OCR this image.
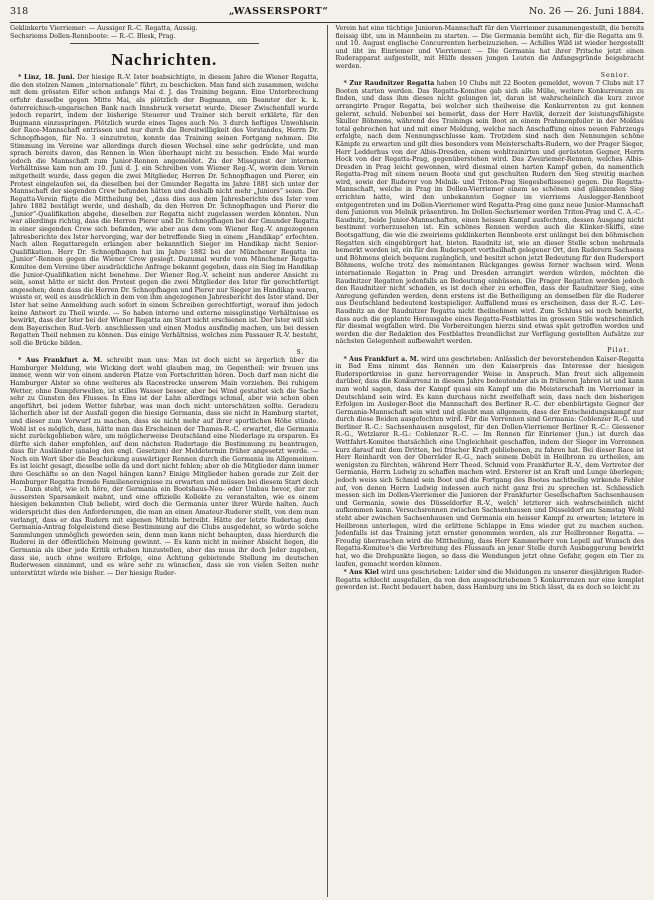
318	„WASSERSPORT“	No. 26 — 26. Juni 1884.

Geklinkerte Vierriemer: — Aussiger R.-C. Regatta, Aussig.

Sechsriems Dollen-Rennboote: — R.-C. Blesk, Prag.

Nachrichten.

* Linz, 18. Juni. Der hiesige R.-V. Ister beabsichtigte, in diesem Jahre die Wiener Regatta, die den stolzen Namen „internationale“ führt, zu beschicken. Man fand sich zusammen, welche mit dem grössten Eifer schon anfangs Mai d. J. das Training begann. Eine Unterbrechung erfuhr dasselbe gegen Mitte Mai, als plötzlich der Bugmann, ein Beamter der k. k. österreichisch-ungarischen Bank nach Innsbruck versetzt wurde. Dieser Zwischenfall wurde jedoch reparirt, indem der bisherige Steuerer und Trainer sich bereit erklärte, für den Bugmann einzuspringen. Plötzlich wurde eines Tages auch No. 3 durch heftiges Unwohlsein der Race-Mannschaft entrissen und nur durch die Bereitwilligkeit des Vorstandes, Herrn Dr. Schnopfhagen, für No. 3 einzutreten, konnte das Training seinen Fortgang nehmen. Die Stimmung im Vereine war allerdings durch diesen Wechsel eine sehr gedrückte, und man sprach bereits davon, das Rennen in Wien überhaupt nicht zu besuchen. Ende Mai wurde jedoch die Mannschaft zum Junior-Rennen angemeldet. Zu der Missgunst der internen Verhältnisse kam nun am 10. Juni d. J. ein Schreiben vom Wiener Reg.-V., worin dem Verein mitgetheilt wurde, dass gegen die zwei Mitglieder, Herren Dr. Schnopfhagen und Pierer, ein Protest eingelaufen sei, da dieselben bei der Gmunder Regatta im Jahre 1881 sich unter der Mannschaft der siegenden Crew befunden hätten und deshalb nicht mehr „Juniors“ seien. Der Regatta-Verein fügte die Mittheilung bei, „dass dies aus dem Jahresberichte des Ister vom Jahre 1882 bestätigt werde, und deshalb, da den Herren Dr. Schnopfhagen und Pierer die „Junior“-Qualifikation abgehe, dieselben zur Regatta nicht zugelassen werden könnten. Nun war allerdings richtig, dass die Herren Pierer und Dr. Schnopfhagen bei der Gmunder Regatta in einer siegenden Crew sich befanden, wie aber aus dem vom Wiener Reg.-V. angezogenen Jahresberichte des Ister hervorging, war der betreffende Sieg in einem „Handikap“ erfochten. Nach allen Regattaregeln erlangen aber bekanntlich Sieger im Handikap nicht Senior-Qualifikation. Herr Dr. Schnopfhagen hat im Jahre 1882 bei der Münchener Regatta im „Junior“-Rennen gegen die Wiener Crew gesiegt. Dazumal wurde vom Münchener Regatta-Komitee dem Vereine über ausdrückliche Anfrage bekannt gegeben, dass ein Sieg im Handikap die Junior-Qualifikation nicht benehme. Der Wiener Reg.-V. scheint nun anderer Ansicht zu sein, sonst hätte er nicht den Protest gegen die zwei Mitglieder des Ister für gerechtfertigt angesehen; denn dass die Herren Dr. Schnopfhagen und Pierer nur Sieger im Handikap waren, wusste er, weil es ausdrücklich in dem von ihm angezogenen Jahresbericht des Ister stand. Der Ister hat seine Anmeldung auch sofort in einem Schreiben gerechtfertigt, worauf ihm jedoch keine Antwort zu Theil wurde. — So haben interne und externe missgünstige Verhältnisse es bewirkt, dass der Ister bei der Wiener Regatta am Start nicht erschienen ist. Der Ister will sich dem Bayerischen Rud.-Verb. anschliessen und einen Modus ausfindig machen, um bei dessen Regatten Theil nehmen zu können. Das einige Verhältniss, welches zum Passauer R.-V. besteht, soll die Brücke bilden.

S.

* Aus Frankfurt a. M. schreibt man uns: Man ist doch nicht so ärgerlich über die Hamburger Meldung, wie Wicking dort wohl glauben mag, im Gegentheil: wir freuen uns immer, wenn wir von einem anderen Platze von Fortschritten hören. Doch darf man nicht die Hamburger Alster so ohne weiteres als Racestrecke unserem Main vorziehen. Bei ruhigem Wetter, ohne Dampferwellen, ist stilles Wasser besser, aber bei Wind gestaltet sich die Sache sehr zu Gunsten des Flusses. In Ems ist der Lahn allerdings schmal, aber wie schon oben angeführt, bei jedem Wetter fahrbar, was man doch nicht unterschätzen sollte. Geradezu lächerlich aber ist der Ausfall gegen die hiesige Germania, dass sie nicht in Hamburg startet, und dieser zum Vorwurf zu machen, dass sie nicht mehr auf ihrer sportlichen Höhe stünde. Wohl ist es möglich, dass, hätte man das Erscheinen der Thames-R.-C. erwartet, die Germania nicht zurückgeblieben wäre, um möglicherweise Deutschland eine Niederlage zu ersparen. Es dürfte sich daher empfehlen, auf dem nächsten Rudertage die Bestimmung zu beantragen, dass für Ausländer (analog den engl. Gesetzen) der Meldetermin früher angesetzt werde. — Noch ein Wort über die Beschickung auswärtiger Rennen durch die Germania im Allgemeinen. Es ist leicht gesagt, dieselbe solle da und dort nicht fehlen; aber ob die Mitglieder dann immer ihre Geschäfte so an den Nagel hängen kann? Einige Mitglieder haben gerade zur Zeit der Hamburger Regatta fremde Familienereignisse zu erwarten und müssen bei diesem Start doch — . Dann steht, wie ich höre, der Germania ein Bootshaus-Neu- oder Umbau bevor, der zur äussersten Sparsamkeit mahnt, und eine offizielle Kollekte zu veranstalten, wie es einem hiesigen bekannten Club beliebt, wird doch die Germania unter ihrer Würde halten. Auch widerspricht dies den Anforderungen, die man an einen Amateur-Ruderer stellt, von dem man verlangt, dass er das Rudern mit eigenen Mitteln betreibt. Hätte der letzte Rudertag dem Germania-Antrag folgeleistend diese Bestimmung auf die Clubs ausgedehnt, so würde solche Sammlungen unmöglich geworden sein, denn man kann nicht behaupten, dass hierdurch die Ruderei in der öffentlichen Meinung gewinnt. — Es kann nicht in meiner Absicht liegen, die Germania als über jede Kritik erhaben hinzustellen, aber das muss ihr doch Jeder zugeben, dass sie, auch ohne weitere Erfolge, eine Achtung gebietende Stellung im deutschen Ruderwesen einnimmt, und es wäre sehr zu wünschen, dass sie von vielen Seiten mehr unterstützt würde wie bisher. — Der hiesige Ruder-

Verein hat eine tüchtige Junioren-Mannschaft für den Vierriemer zusammengestellt, die bereits fleissig übt, um in Mannheim zu starten. — Die Germania bemüht sich, für die Regatta am 9. und 10. August englische Concurrenten herbeizuziehen. — Achilles Wild ist wieder hergestellt und übt im Einriemer und Vierriemer. — Die Germania hat ihrer Pritsche jetzt einen Ruderapparat aufgestellt, mit Hülfe dessen jungen Leuten die Anfangsgründe beigebracht werden.

Senior.

* Zur Raudnitzer Regatta haben 10 Clubs mit 22 Booten gemeldet, wovon 7 Clubs mit 17 Booten starten werden. Das Regatta-Komitee gab sich alle Mühe, weitere Konkurrenzen zu finden, und dass ihm dieses nicht gelungen ist, daran ist wahrscheinlich die kurz zuvor arrangirte Prager Regatta, bei welcher sich theilweise die Konkurrenten zu gut kennen gelernt, schuld. Nebenbei sei bemerkt, dass der Herr Havlik, derzeit der leistungsfähigste Skuller Böhmens, während des Trainings sein Boot an einem Prahmenpfeiler in der Moldau total gebrochen hat und mit einer Meldung, welche nach Anschaffung eines neuen Fahrzeugs erfolgte, nach dem Nennungsschlusse kam. Trotzdem sind nach den Nennungen schöne Kämpfe zu erwarten und gilt dies besonders vom Meisterschafts-Rudern, wo der Prager Sieger, Herr Ledderhus von der Albis-Dresden, einem wohltrainirten und gerüsteten Gegner, Herrn Hock von der Regatta-Prag, gegenüberstehen wird. Das Zweiriemer-Rennen, welches Albis-Dresden in Prag leicht gewonnen, wird diesmal einen harten Kampf geben, da namentlich Regatta-Prag mit einem neuen Boote und gut geschulten Rudern den Sieg streitig machen wird, sowie der Ruderer von Melnik- und Triton-Prag Siegesbeflissene) gegen. Die Regatta-Mannschaft, welche in Prag im Dollen-Vierriemer einem so schönen und glänzenden Sieg errichten hatte, wird den unbekannten Gegner im vierriems Auslegger-Rennboot entgegentreten und im Dollen-Vierriemer wird Regatta-Prag eine ganz neue Junior-Mannschaft dem Junioren von Melnik präsentiren. Im Dollen-Sechsriemer werden Triton-Prag und C. A.-C.-Raudnitz, beide Junior-Mannschaften, einen heissen Kampf ausfechten, dessen Ausgang nicht bestimmt vorherzusehen ist. Ein schönes Rennen werden auch die Klinker-Skiffs, eine Bootsgattung, die wie die zweiriems geklinkerten Rennboote erst unlängst bei den böhmischen Regatten sich eingebürgert hat, bieten. Raudnitz ist, wie an dieser Stelle schon mehrmals bemerkt worden ist, ein für den Rudersport vortheilhaft gelegener Ort, den Ruderern Sachsens und Böhmens gleich bequem zugänglich, und besitzt schon jetzt Bedeutung für den Rudersport Böhmens, welche trotz des momentanen Rückganges gewiss ferner wachsen wird. Wenn internationale Regatten in Prag und Dresden arrangirt werden würden, möchten die Raudnitzer Regatten jedenfalls an Bedeutung einbüssen. Die Prager Regatten werden jedoch den Raudnitzer nicht schaden, es ist doch eher zu erhoffen, dass der Raudnitzer Sieg, eine Anregung gefunden werden, denn erstens ist die Betheiligung an demselben für die Ruderer aus Deutschland bedeutend kostspieliger. Auffallend muss es erscheinen, dass der R.-C. Lev-Raudnitz an der Raudnitzer Regatta nicht theilnehmen wird. Zum Schluss sei noch bemerkt, dass auch die geplante Herausgabe eines Regatta-Festblattes im grossen Stile wahrscheinlich für diesmal wegfallen wird. Die Vorbereitungen hierzu sind etwas spät getroffen worden und werden die der Redaktion des Festblattes freundlichst zur Verfügung gestellten Aufsätze zur nächsten Gelegenheit aufbewahrt werden.

Pilot.

* Aus Frankfurt a. M. wird uns geschrieben: Anlässlich der bevorstehenden Kaiser-Regatta in Bad Ems nimmt das Rennen um den Kaiserpreis das Interesse der hiesigen Rudersportkreise in ganz hervorragender Weise in Anspruch. Man freut sich allgemein darüber, dass die Konkurrenz in diesem Jahre bedeutender als in früheren Jahren ist und kann man wohl sagen, dass der Kampf quasi ein Kampf um die Meisterschaft im Vierriemer in Deutschland sein wird. Es kann durchaus nicht zweifelhaft sein, dass nach den bisherigen Erfolgen im Ausleger-Boot die Mannschaft des Berliner R.-C. der ebenbürtigste Gegner der Germania-Mannschaft sein wird und glaubt man allgemein, dass der Entscheidungskampf nur durch diese Beiden ausgefochten wird. Für die Vorrennen sind Germania: Coblenzer R.-G. und Berliner R.-C.: Sachsenhausen ausgelost, für den Dollen-Vierriemer Berliner R.-C.: Giessener R.-G., Wetzlarer R.-G.: Coblenzer R.-C. — Im Rennen für Einriemer (Jun.) ist durch das Wettfahrt-Komitee thatsächlich eine Ungleichheit geschaffen, indem der Sieger im Vorrennen kurz darauf mit dem Dritten, bei frischer Kraft gebliebenen, zu fahren hat. Bei dieser Race ist Herr Reinhardt von der Oberräder R.-G., nach seinem Debüt in Heilbronn zu urtheilen, am wenigsten zu fürchten, während Herr Theod. Schmid vom Frankfurter R.-V., dem Vertreter der Germania, Herrn Ludwig zu schaffen machen wird. Ersterer ist an Kraft und Lunge überlegen; jedoch weiss sich Schmid sein Boot und die Fortgang des Bootes nachtheilig wirkende Fehler auf, von denen Herrn Ludwig indessen auch nicht ganz frei zu sprechen ist. Schliesslich messen sich im Dollen-Vierriemer die Junioren der Frankfurter Gesellschaften Sachsenhausen und Germania, sowie des Düsseldorfer R.-V., welch' letzterer sich wahrscheinlich nicht aufkommen kann. Versuchsrennen zwischen Sachsenhausen und Düsseldorf am Samstag Wohl steht aber zwischen Sachsenhausen und Germania ein heisser Kampf zu erwarten; letztere in Heilbronn unterlegen, wird die erlittene Schlappe in Ems wieder gut zu machen suchen. Jedenfalls ist das Training jetzt ernster genommen worden, als zur Heilbronner Regatta. — Freudig überraschen wird die Mittheilung, dass Herr Kammerherr von Lepell auf Wunsch des Regatta-Komitee's die Verbreitung des Flussaufs an jener Stelle durch Ausbaggerung bewirkt hat, wo die Drehpunkte liegen, so dass die Wendungen jetzt ohne Gefahr, gegen ein Tier zu laufen, gemacht werden können.

* Aus Kiel wird uns geschrieben: Leider sind die Meldungen zu unserer diesjährigen Ruder-Regatta schlecht ausgefallen, da von den ausgeschriebenen 5 Konkurrenzen nur eine komplet geworden ist. Recht bedauert haben, dass Hamburg uns im Stich lässt, da es doch so leicht zu
